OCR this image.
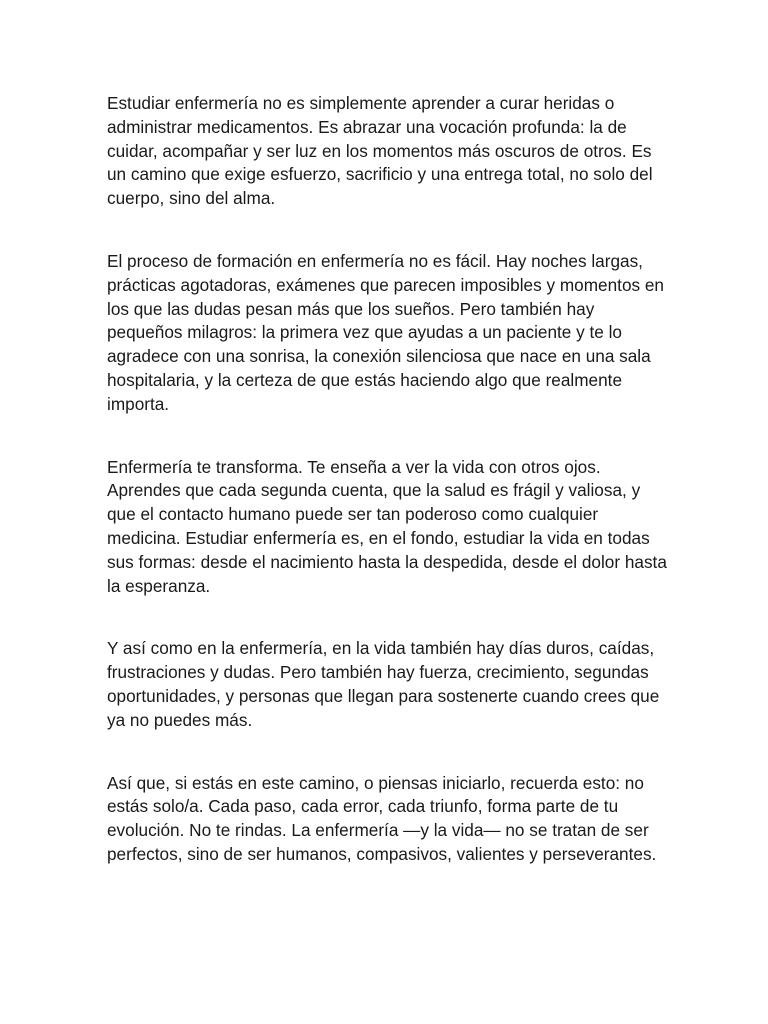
Estudiar enfermería no es simplemente aprender a curar heridas o administrar medicamentos. Es abrazar una vocación profunda: la de cuidar, acompañar y ser luz en los momentos más oscuros de otros. Es un camino que exige esfuerzo, sacrificio y una entrega total, no solo del cuerpo, sino del alma.

El proceso de formación en enfermería no es fácil. Hay noches largas, prácticas agotadoras, exámenes que parecen imposibles y momentos en los que las dudas pesan más que los sueños. Pero también hay pequeños milagros: la primera vez que ayudas a un paciente y te lo agradece con una sonrisa, la conexión silenciosa que nace en una sala hospitalaria, y la certeza de que estás haciendo algo que realmente importa.

Enfermería te transforma. Te enseña a ver la vida con otros ojos. Aprendes que cada segunda cuenta, que la salud es frágil y valiosa, y que el contacto humano puede ser tan poderoso como cualquier medicina. Estudiar enfermería es, en el fondo, estudiar la vida en todas sus formas: desde el nacimiento hasta la despedida, desde el dolor hasta la esperanza.

Y así como en la enfermería, en la vida también hay días duros, caídas, frustraciones y dudas. Pero también hay fuerza, crecimiento, segundas oportunidades, y personas que llegan para sostenerte cuando crees que ya no puedes más.

Así que, si estás en este camino, o piensas iniciarlo, recuerda esto: no estás solo/a. Cada paso, cada error, cada triunfo, forma parte de tu evolución. No te rindas. La enfermería —y la vida— no se tratan de ser perfectos, sino de ser humanos, compasivos, valientes y perseverantes.
